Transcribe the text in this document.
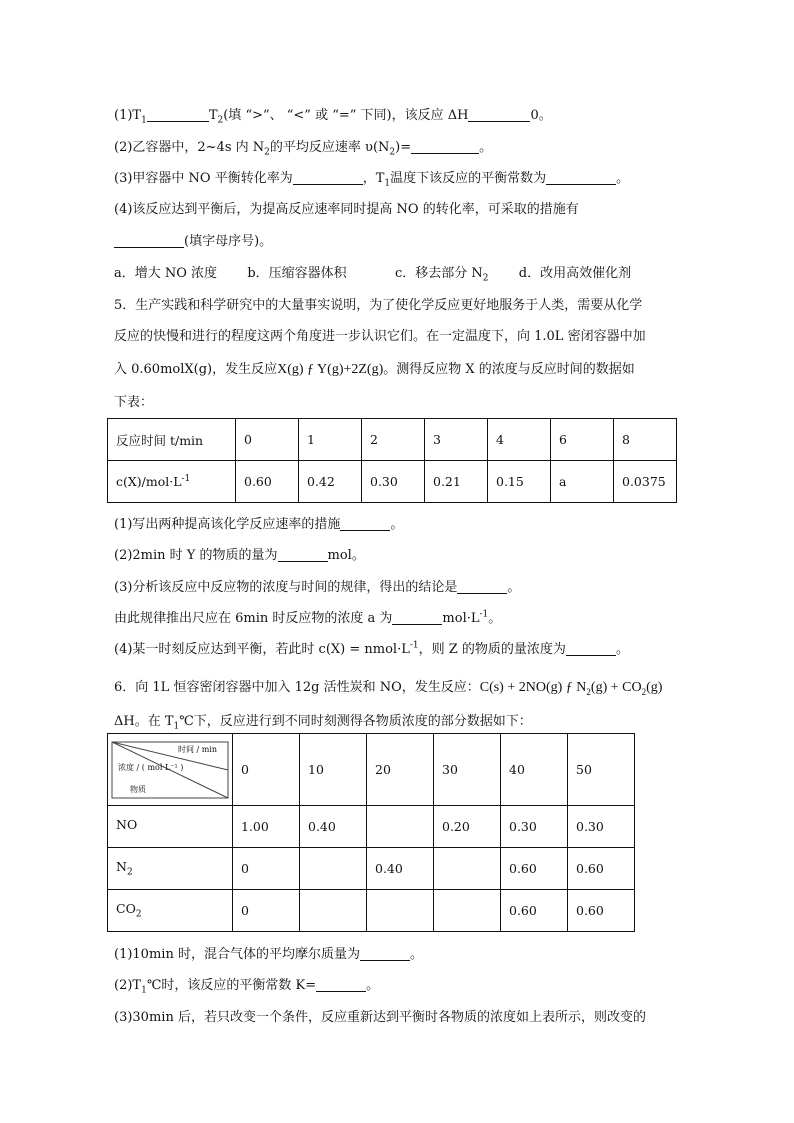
$(1)T_1$	$T_2$(填 “>”、 “<” 或 “=” 下同)，该反应 ΔH	0。
(2)乙容器中，2~4s 内 $N_2$的平均反应速率 $\upsilon(N_2)=$	。
(3)甲容器中 NO 平衡转化率为	，$T_1$温度下该反应的平衡常数为	。
(4)该反应达到平衡后，为提高反应速率同时提高 NO 的转化率，可采取的措施有
(填字母序号)。
a．增大 NO 浓度 b．压缩容器体积	c．移去部分 $N_2$ d．改用高效催化剂
5．生产实践和科学研究中的大量事实说明，为了使化学反应更好地服务于人类，需要从化学
反应的快慢和进行的程度这两个角度进一步认识它们。在一定温度下，向 1.0L 密闭容器中加
入 0.60molX(g)，发生反应X(g) ƒ Y(g)+2Z(g)。测得反应物 X 的浓度与反应时间的数据如
下表：
反应时间 t/min	0	1	2	3	4	6	8
$c(X)/mol\cdot L^{-1}$	0.60	0.42	0.30	0.21	0.15	a	0.0375
(1)写出两种提高该化学反应速率的措施	。
(2)2min 时 Y 的物质的量为	mol。
(3)分析该反应中反应物的浓度与时间的规律，得出的结论是	。
由此规律推出尺应在 6min 时反应物的浓度 a 为	$mol\cdot L^{-1}$。
(4)某一时刻反应达到平衡，若此时 $c(X) = nmol\cdot L^{-1}$，则 Z 的物质的量浓度为	。
6．向 1L 恒容密闭容器中加入 12g 活性炭和 NO，发生反应：C(s) + 2NO(g) ƒ $N_2(g) + CO_2(g)$
ΔH。在 $T_1℃$下，反应进行到不同时刻测得各物质浓度的部分数据如下：
时间 / min
浓度 / ( mol·L⁻¹ )
物质	0	10	20	30	40	50
NO	1.00	0.40		0.20	0.30	0.30
$N_2$	0		0.40		0.60	0.60
$CO_2$	0				0.60	0.60
(1)10min 时，混合气体的平均摩尔质量为	。
$(2)T_1℃$时，该反应的平衡常数 K=	。
(3)30min 后，若只改变一个条件，反应重新达到平衡时各物质的浓度如上表所示，则改变的
